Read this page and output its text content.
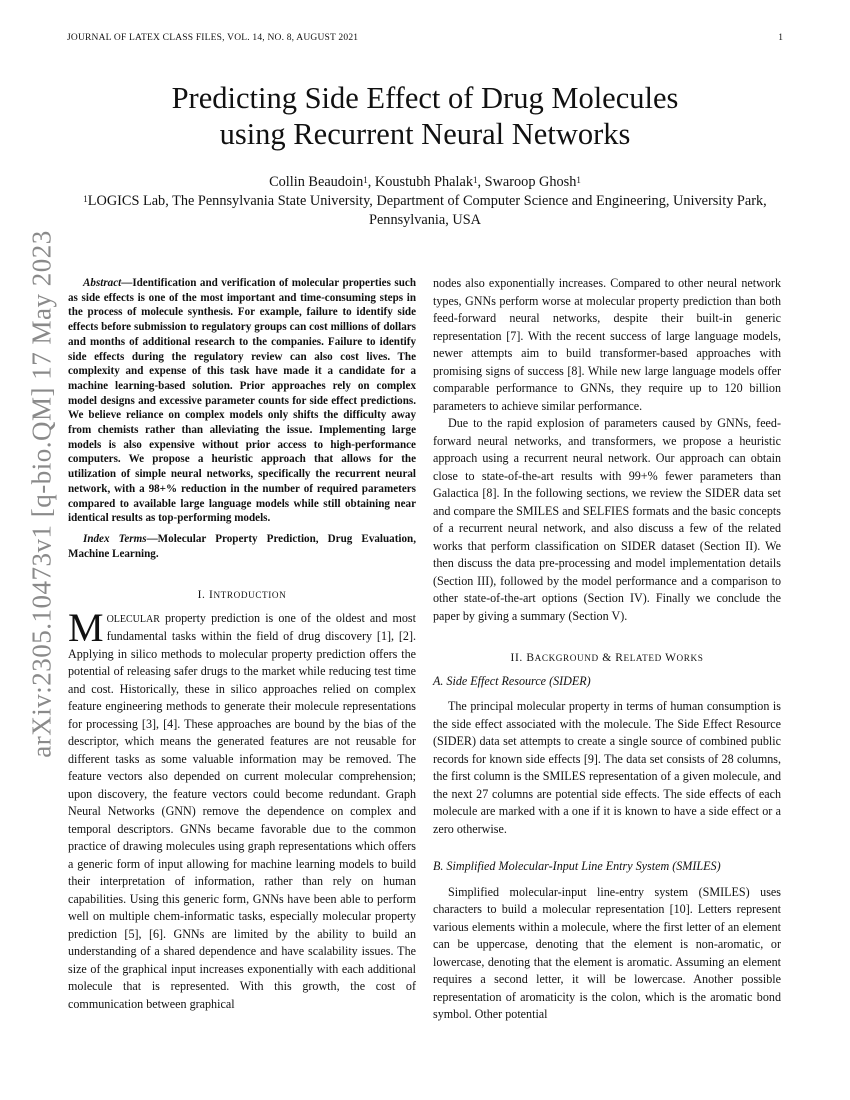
JOURNAL OF LATEX CLASS FILES, VOL. 14, NO. 8, AUGUST 2021	1
arXiv:2305.10473v1 [q-bio.QM] 17 May 2023
Predicting Side Effect of Drug Molecules
using Recurrent Neural Networks
Collin Beaudoin$^1$, Koustubh Phalak$^1$, Swaroop Ghosh$^1$
$^1$LOGICS Lab, The Pennsylvania State University, Department of Computer Science and Engineering, University Park, Pennsylvania, USA

Abstract—Identification and verification of molecular properties such as side effects is one of the most important and time-consuming steps in the process of molecule synthesis. For example, failure to identify side effects before submission to regulatory groups can cost millions of dollars and months of additional research to the companies. Failure to identify side effects during the regulatory review can also cost lives. The complexity and expense of this task have made it a candidate for a machine learning-based solution. Prior approaches rely on complex model designs and excessive parameter counts for side effect predictions. We believe reliance on complex models only shifts the difficulty away from chemists rather than alleviating the issue. Implementing large models is also expensive without prior access to high-performance computers. We propose a heuristic approach that allows for the utilization of simple neural networks, specifically the recurrent neural network, with a 98+% reduction in the number of required parameters compared to available large language models while still obtaining near identical results as top-performing models.

Index Terms—Molecular Property Prediction, Drug Evaluation, Machine Learning.

I. INTRODUCTION

MOLECULAR property prediction is one of the oldest and most fundamental tasks within the field of drug discovery [1], [2]. Applying in silico methods to molecular property prediction offers the potential of releasing safer drugs to the market while reducing test time and cost. Historically, these in silico approaches relied on complex feature engineering methods to generate their molecule representations for processing [3], [4]. These approaches are bound by the bias of the descriptor, which means the generated features are not reusable for different tasks as some valuable information may be removed. The feature vectors also depended on current molecular comprehension; upon discovery, the feature vectors could become redundant. Graph Neural Networks (GNN) remove the dependence on complex and temporal descriptors. GNNs became favorable due to the common practice of drawing molecules using graph representations which offers a generic form of input allowing for machine learning models to build their interpretation of information, rather than rely on human capabilities. Using this generic form, GNNs have been able to perform well on multiple chem-informatic tasks, especially molecular property prediction [5], [6]. GNNs are limited by the ability to build an understanding of a shared dependence and have scalability issues. The size of the graphical input increases exponentially with each additional molecule that is represented. With this growth, the cost of communication between graphical

nodes also exponentially increases. Compared to other neural network types, GNNs perform worse at molecular property prediction than both feed-forward neural networks, despite their built-in generic representation [7]. With the recent success of large language models, newer attempts aim to build transformer-based approaches with promising signs of success [8]. While new large language models offer comparable performance to GNNs, they require up to 120 billion parameters to achieve similar performance.

Due to the rapid explosion of parameters caused by GNNs, feed-forward neural networks, and transformers, we propose a heuristic approach using a recurrent neural network. Our approach can obtain close to state-of-the-art results with 99+% fewer parameters than Galactica [8]. In the following sections, we review the SIDER data set and compare the SMILES and SELFIES formats and the basic concepts of a recurrent neural network, and also discuss a few of the related works that perform classification on SIDER dataset (Section II). We then discuss the data pre-processing and model implementation details (Section III), followed by the model performance and a comparison to other state-of-the-art options (Section IV). Finally we conclude the paper by giving a summary (Section V).

II. BACKGROUND & RELATED WORKS

A. Side Effect Resource (SIDER)

The principal molecular property in terms of human consumption is the side effect associated with the molecule. The Side Effect Resource (SIDER) data set attempts to create a single source of combined public records for known side effects [9]. The data set consists of 28 columns, the first column is the SMILES representation of a given molecule, and the next 27 columns are potential side effects. The side effects of each molecule are marked with a one if it is known to have a side effect or a zero otherwise.

B. Simplified Molecular-Input Line Entry System (SMILES)

Simplified molecular-input line-entry system (SMILES) uses characters to build a molecular representation [10]. Letters represent various elements within a molecule, where the first letter of an element can be uppercase, denoting that the element is non-aromatic, or lowercase, denoting that the element is aromatic. Assuming an element requires a second letter, it will be lowercase. Another possible representation of aromaticity is the colon, which is the aromatic bond symbol. Other potential
